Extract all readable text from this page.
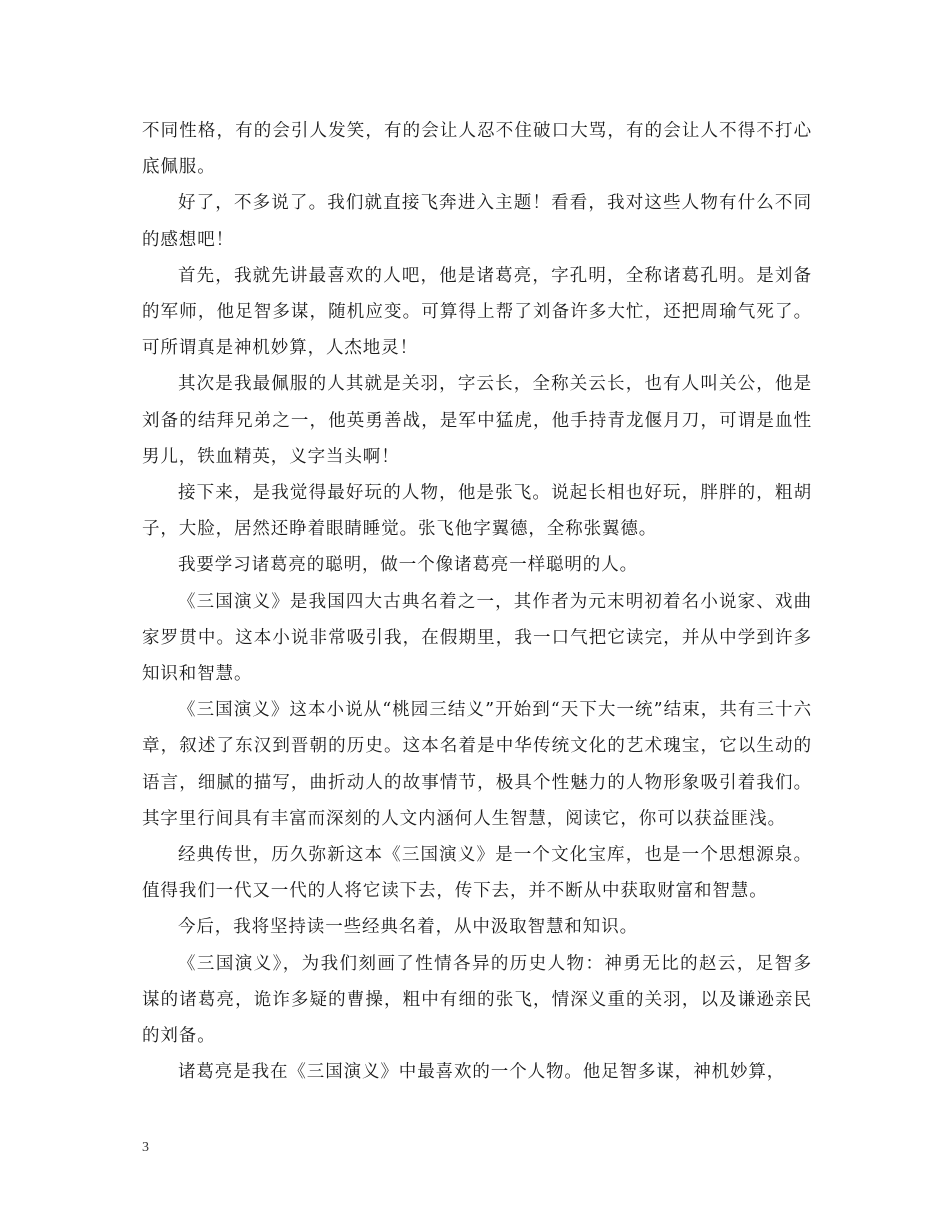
不同性格，有的会引人发笑，有的会让人忍不住破口大骂，有的会让人不得不打心底佩服。

好了，不多说了。我们就直接飞奔进入主题！看看，我对这些人物有什么不同的感想吧！

首先，我就先讲最喜欢的人吧，他是诸葛亮，字孔明，全称诸葛孔明。是刘备的军师，他足智多谋，随机应变。可算得上帮了刘备许多大忙，还把周瑜气死了。可所谓真是神机妙算，人杰地灵！

其次是我最佩服的人其就是关羽，字云长，全称关云长，也有人叫关公，他是刘备的结拜兄弟之一，他英勇善战，是军中猛虎，他手持青龙偃月刀，可谓是血性男儿，铁血精英，义字当头啊！

接下来，是我觉得最好玩的人物，他是张飞。说起长相也好玩，胖胖的，粗胡子，大脸，居然还睁着眼睛睡觉。张飞他字翼德，全称张翼德。

我要学习诸葛亮的聪明，做一个像诸葛亮一样聪明的人。

《三国演义》是我国四大古典名着之一，其作者为元末明初着名小说家、戏曲家罗贯中。这本小说非常吸引我，在假期里，我一口气把它读完，并从中学到许多知识和智慧。

《三国演义》这本小说从“桃园三结义”开始到“天下大一统”结束，共有三十六章，叙述了东汉到晋朝的历史。这本名着是中华传统文化的艺术瑰宝，它以生动的语言，细腻的描写，曲折动人的故事情节，极具个性魅力的人物形象吸引着我们。其字里行间具有丰富而深刻的人文内涵何人生智慧，阅读它，你可以获益匪浅。

经典传世，历久弥新这本《三国演义》是一个文化宝库，也是一个思想源泉。值得我们一代又一代的人将它读下去，传下去，并不断从中获取财富和智慧。

今后，我将坚持读一些经典名着，从中汲取智慧和知识。

《三国演义》，为我们刻画了性情各异的历史人物：神勇无比的赵云，足智多谋的诸葛亮，诡诈多疑的曹操，粗中有细的张飞，情深义重的关羽，以及谦逊亲民的刘备。

诸葛亮是我在《三国演义》中最喜欢的一个人物。他足智多谋，神机妙算，

3
